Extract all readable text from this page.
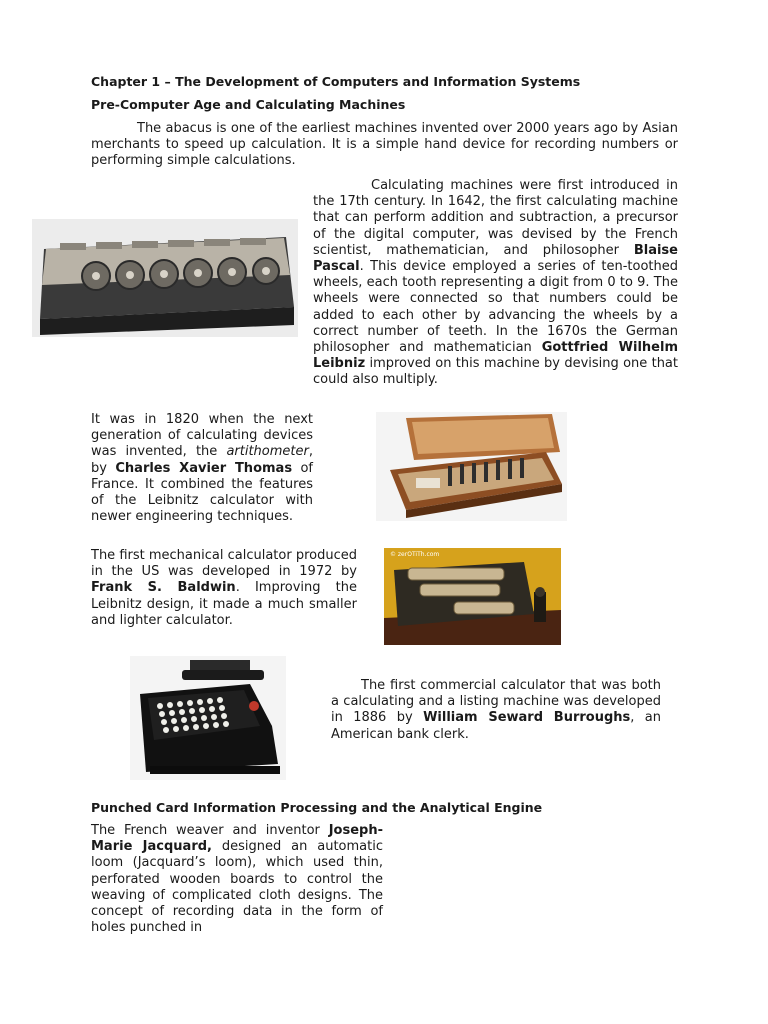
Chapter 1 – The Development of Computers and Information Systems
Pre-Computer Age and Calculating Machines

The abacus is one of the earliest machines invented over 2000 years ago by Asian merchants to speed up calculation. It is a simple hand device for recording numbers or performing simple calculations.

Calculating machines were first introduced in the 17th century. In 1642, the first calculating machine that can perform addition and subtraction, a precursor of the digital computer, was devised by the French scientist, mathematician, and philosopher Blaise Pascal. This device employed a series of ten-toothed wheels, each tooth representing a digit from 0 to 9. The wheels were connected so that numbers could be added to each other by advancing the wheels by a correct number of teeth. In the 1670s the German philosopher and mathematician Gottfried Wilhelm Leibniz improved on this machine by devising one that could also multiply.

It was in 1820 when the next generation of calculating devices was invented, the artithometer, by Charles Xavier Thomas of France. It combined the features of the Leibnitz calculator with newer engineering techniques.

The first mechanical calculator produced in the US was developed in 1972 by Frank S. Baldwin. Improving the Leibnitz design, it made a much smaller and lighter calculator.

© zerOTiTh.com

The first commercial calculator that was both a calculating and a listing machine was developed in 1886 by William Seward Burroughs, an American bank clerk.

Punched Card Information Processing and the Analytical Engine

The French weaver and inventor Joseph-Marie Jacquard, designed an automatic loom (Jacquard’s loom), which used thin, perforated wooden boards to control the weaving of complicated cloth designs. The concept of recording data in the form of holes punched in
